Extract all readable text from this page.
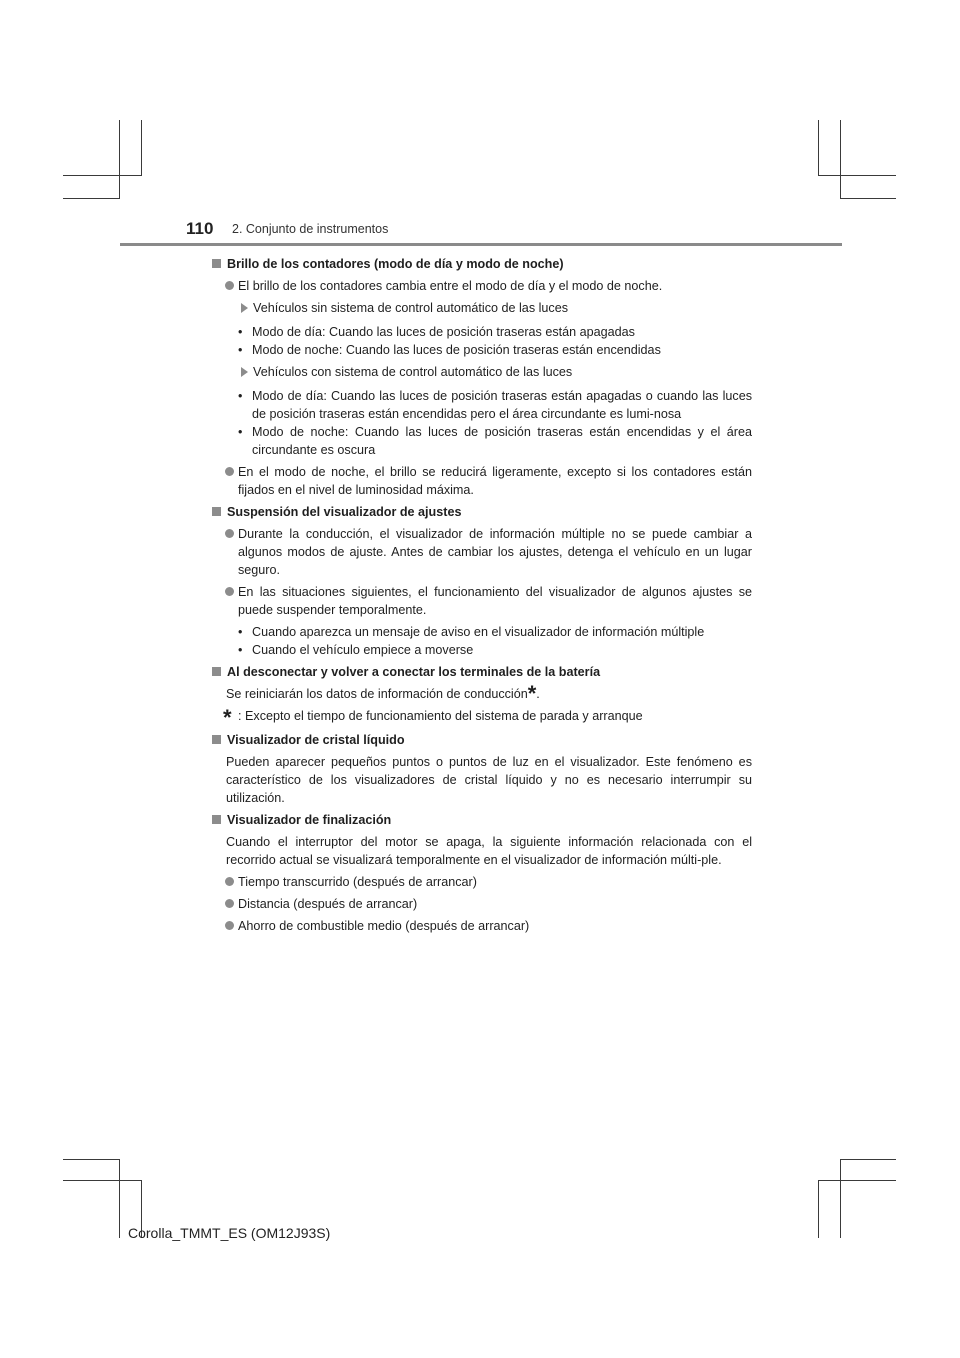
110 2. Conjunto de instrumentos
Brillo de los contadores (modo de día y modo de noche)
El brillo de los contadores cambia entre el modo de día y el modo de noche.
Vehículos sin sistema de control automático de las luces
• Modo de día: Cuando las luces de posición traseras están apagadas
• Modo de noche: Cuando las luces de posición traseras están encendidas
Vehículos con sistema de control automático de las luces
• Modo de día: Cuando las luces de posición traseras están apagadas o cuando las luces de posición traseras están encendidas pero el área circundante es lumi-nosa
• Modo de noche: Cuando las luces de posición traseras están encendidas y el área circundante es oscura
En el modo de noche, el brillo se reducirá ligeramente, excepto si los contadores están fijados en el nivel de luminosidad máxima.
Suspensión del visualizador de ajustes
Durante la conducción, el visualizador de información múltiple no se puede cambiar a algunos modos de ajuste. Antes de cambiar los ajustes, detenga el vehículo en un lugar seguro.
En las situaciones siguientes, el funcionamiento del visualizador de algunos ajustes se puede suspender temporalmente.
• Cuando aparezca un mensaje de aviso en el visualizador de información múltiple
• Cuando el vehículo empiece a moverse
Al desconectar y volver a conectar los terminales de la batería
Se reiniciarán los datos de información de conducción*.
* : Excepto el tiempo de funcionamiento del sistema de parada y arranque
Visualizador de cristal líquido
Pueden aparecer pequeños puntos o puntos de luz en el visualizador. Este fenómeno es característico de los visualizadores de cristal líquido y no es necesario interrumpir su utilización.
Visualizador de finalización
Cuando el interruptor del motor se apaga, la siguiente información relacionada con el recorrido actual se visualizará temporalmente en el visualizador de información múlti-ple.
Tiempo transcurrido (después de arrancar)
Distancia (después de arrancar)
Ahorro de combustible medio (después de arrancar)
Corolla_TMMT_ES (OM12J93S)
